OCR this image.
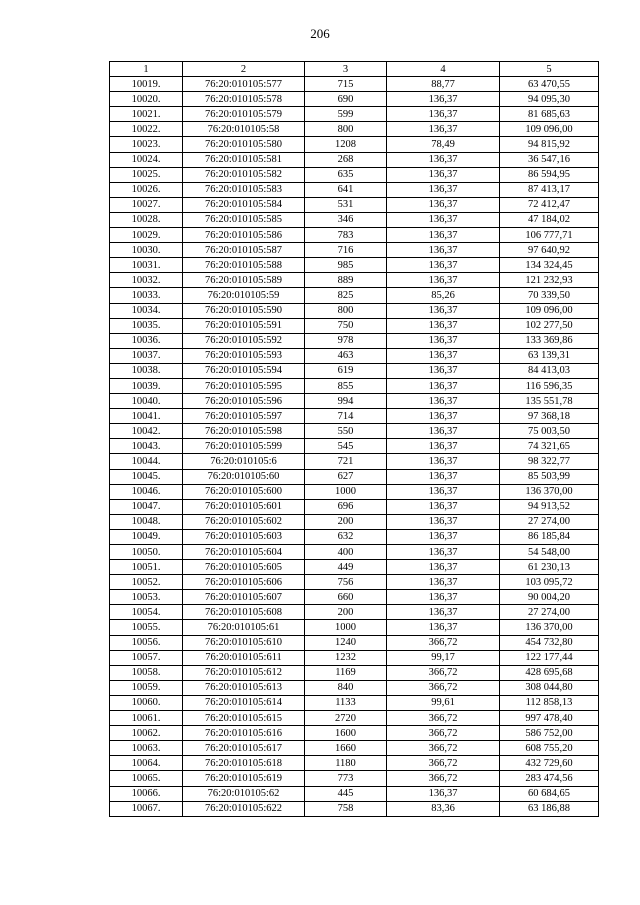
206
1	2	3	4	5
10019.	76:20:010105:577	715	88,77	63 470,55
10020.	76:20:010105:578	690	136,37	94 095,30
10021.	76:20:010105:579	599	136,37	81 685,63
10022.	76:20:010105:58	800	136,37	109 096,00
10023.	76:20:010105:580	1208	78,49	94 815,92
10024.	76:20:010105:581	268	136,37	36 547,16
10025.	76:20:010105:582	635	136,37	86 594,95
10026.	76:20:010105:583	641	136,37	87 413,17
10027.	76:20:010105:584	531	136,37	72 412,47
10028.	76:20:010105:585	346	136,37	47 184,02
10029.	76:20:010105:586	783	136,37	106 777,71
10030.	76:20:010105:587	716	136,37	97 640,92
10031.	76:20:010105:588	985	136,37	134 324,45
10032.	76:20:010105:589	889	136,37	121 232,93
10033.	76:20:010105:59	825	85,26	70 339,50
10034.	76:20:010105:590	800	136,37	109 096,00
10035.	76:20:010105:591	750	136,37	102 277,50
10036.	76:20:010105:592	978	136,37	133 369,86
10037.	76:20:010105:593	463	136,37	63 139,31
10038.	76:20:010105:594	619	136,37	84 413,03
10039.	76:20:010105:595	855	136,37	116 596,35
10040.	76:20:010105:596	994	136,37	135 551,78
10041.	76:20:010105:597	714	136,37	97 368,18
10042.	76:20:010105:598	550	136,37	75 003,50
10043.	76:20:010105:599	545	136,37	74 321,65
10044.	76:20:010105:6	721	136,37	98 322,77
10045.	76:20:010105:60	627	136,37	85 503,99
10046.	76:20:010105:600	1000	136,37	136 370,00
10047.	76:20:010105:601	696	136,37	94 913,52
10048.	76:20:010105:602	200	136,37	27 274,00
10049.	76:20:010105:603	632	136,37	86 185,84
10050.	76:20:010105:604	400	136,37	54 548,00
10051.	76:20:010105:605	449	136,37	61 230,13
10052.	76:20:010105:606	756	136,37	103 095,72
10053.	76:20:010105:607	660	136,37	90 004,20
10054.	76:20:010105:608	200	136,37	27 274,00
10055.	76:20:010105:61	1000	136,37	136 370,00
10056.	76:20:010105:610	1240	366,72	454 732,80
10057.	76:20:010105:611	1232	99,17	122 177,44
10058.	76:20:010105:612	1169	366,72	428 695,68
10059.	76:20:010105:613	840	366,72	308 044,80
10060.	76:20:010105:614	1133	99,61	112 858,13
10061.	76:20:010105:615	2720	366,72	997 478,40
10062.	76:20:010105:616	1600	366,72	586 752,00
10063.	76:20:010105:617	1660	366,72	608 755,20
10064.	76:20:010105:618	1180	366,72	432 729,60
10065.	76:20:010105:619	773	366,72	283 474,56
10066.	76:20:010105:62	445	136,37	60 684,65
10067.	76:20:010105:622	758	83,36	63 186,88
